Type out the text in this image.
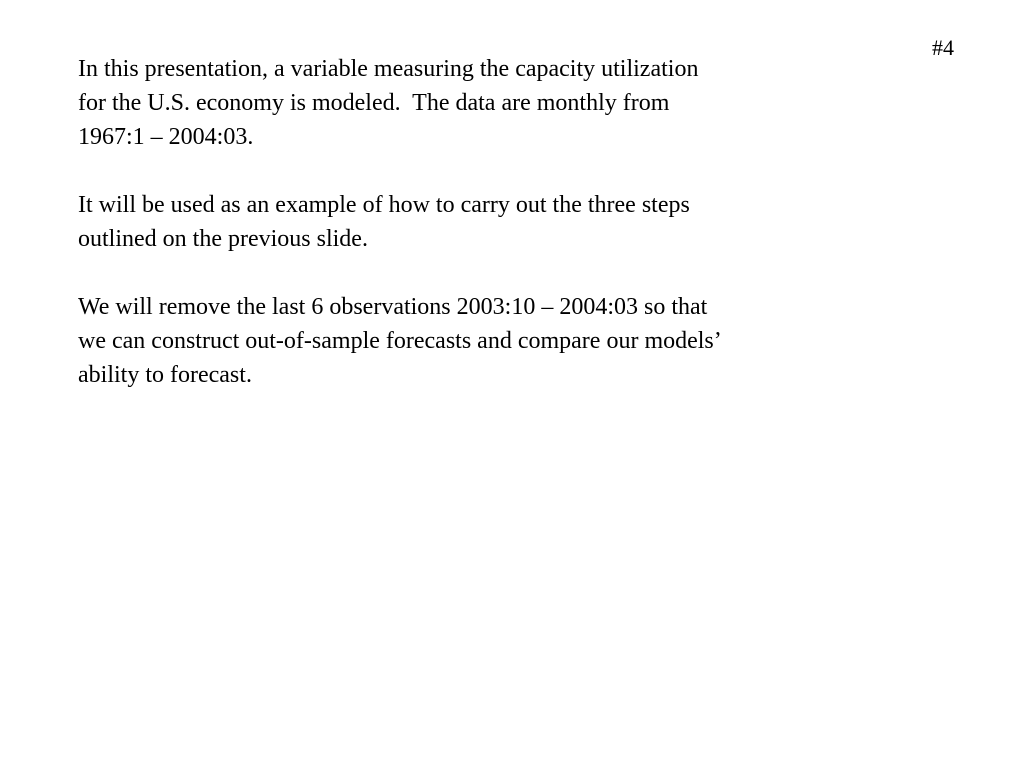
#4

In this presentation, a variable measuring the capacity utilization
for the U.S. economy is modeled.  The data are monthly from
1967:1 – 2004:03.

It will be used as an example of how to carry out the three steps
outlined on the previous slide.

We will remove the last 6 observations 2003:10 – 2004:03 so that
we can construct out-of-sample forecasts and compare our models’
ability to forecast.
